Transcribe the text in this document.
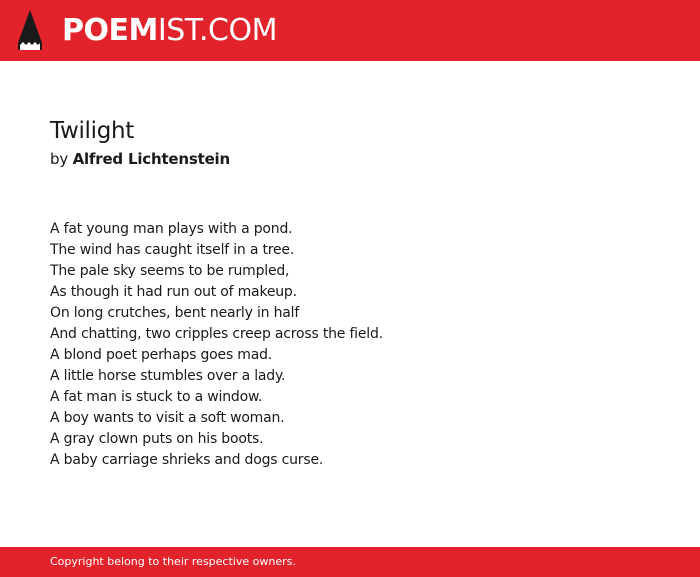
POEMIST.COM
Twilight

by Alfred Lichtenstein

A fat young man plays with a pond.
The wind has caught itself in a tree.
The pale sky seems to be rumpled,
As though it had run out of makeup.
On long crutches, bent nearly in half
And chatting, two cripples creep across the field.
A blond poet perhaps goes mad.
A little horse stumbles over a lady.
A fat man is stuck to a window.
A boy wants to visit a soft woman.
A gray clown puts on his boots.
A baby carriage shrieks and dogs curse.
Copyright belong to their respective owners.
